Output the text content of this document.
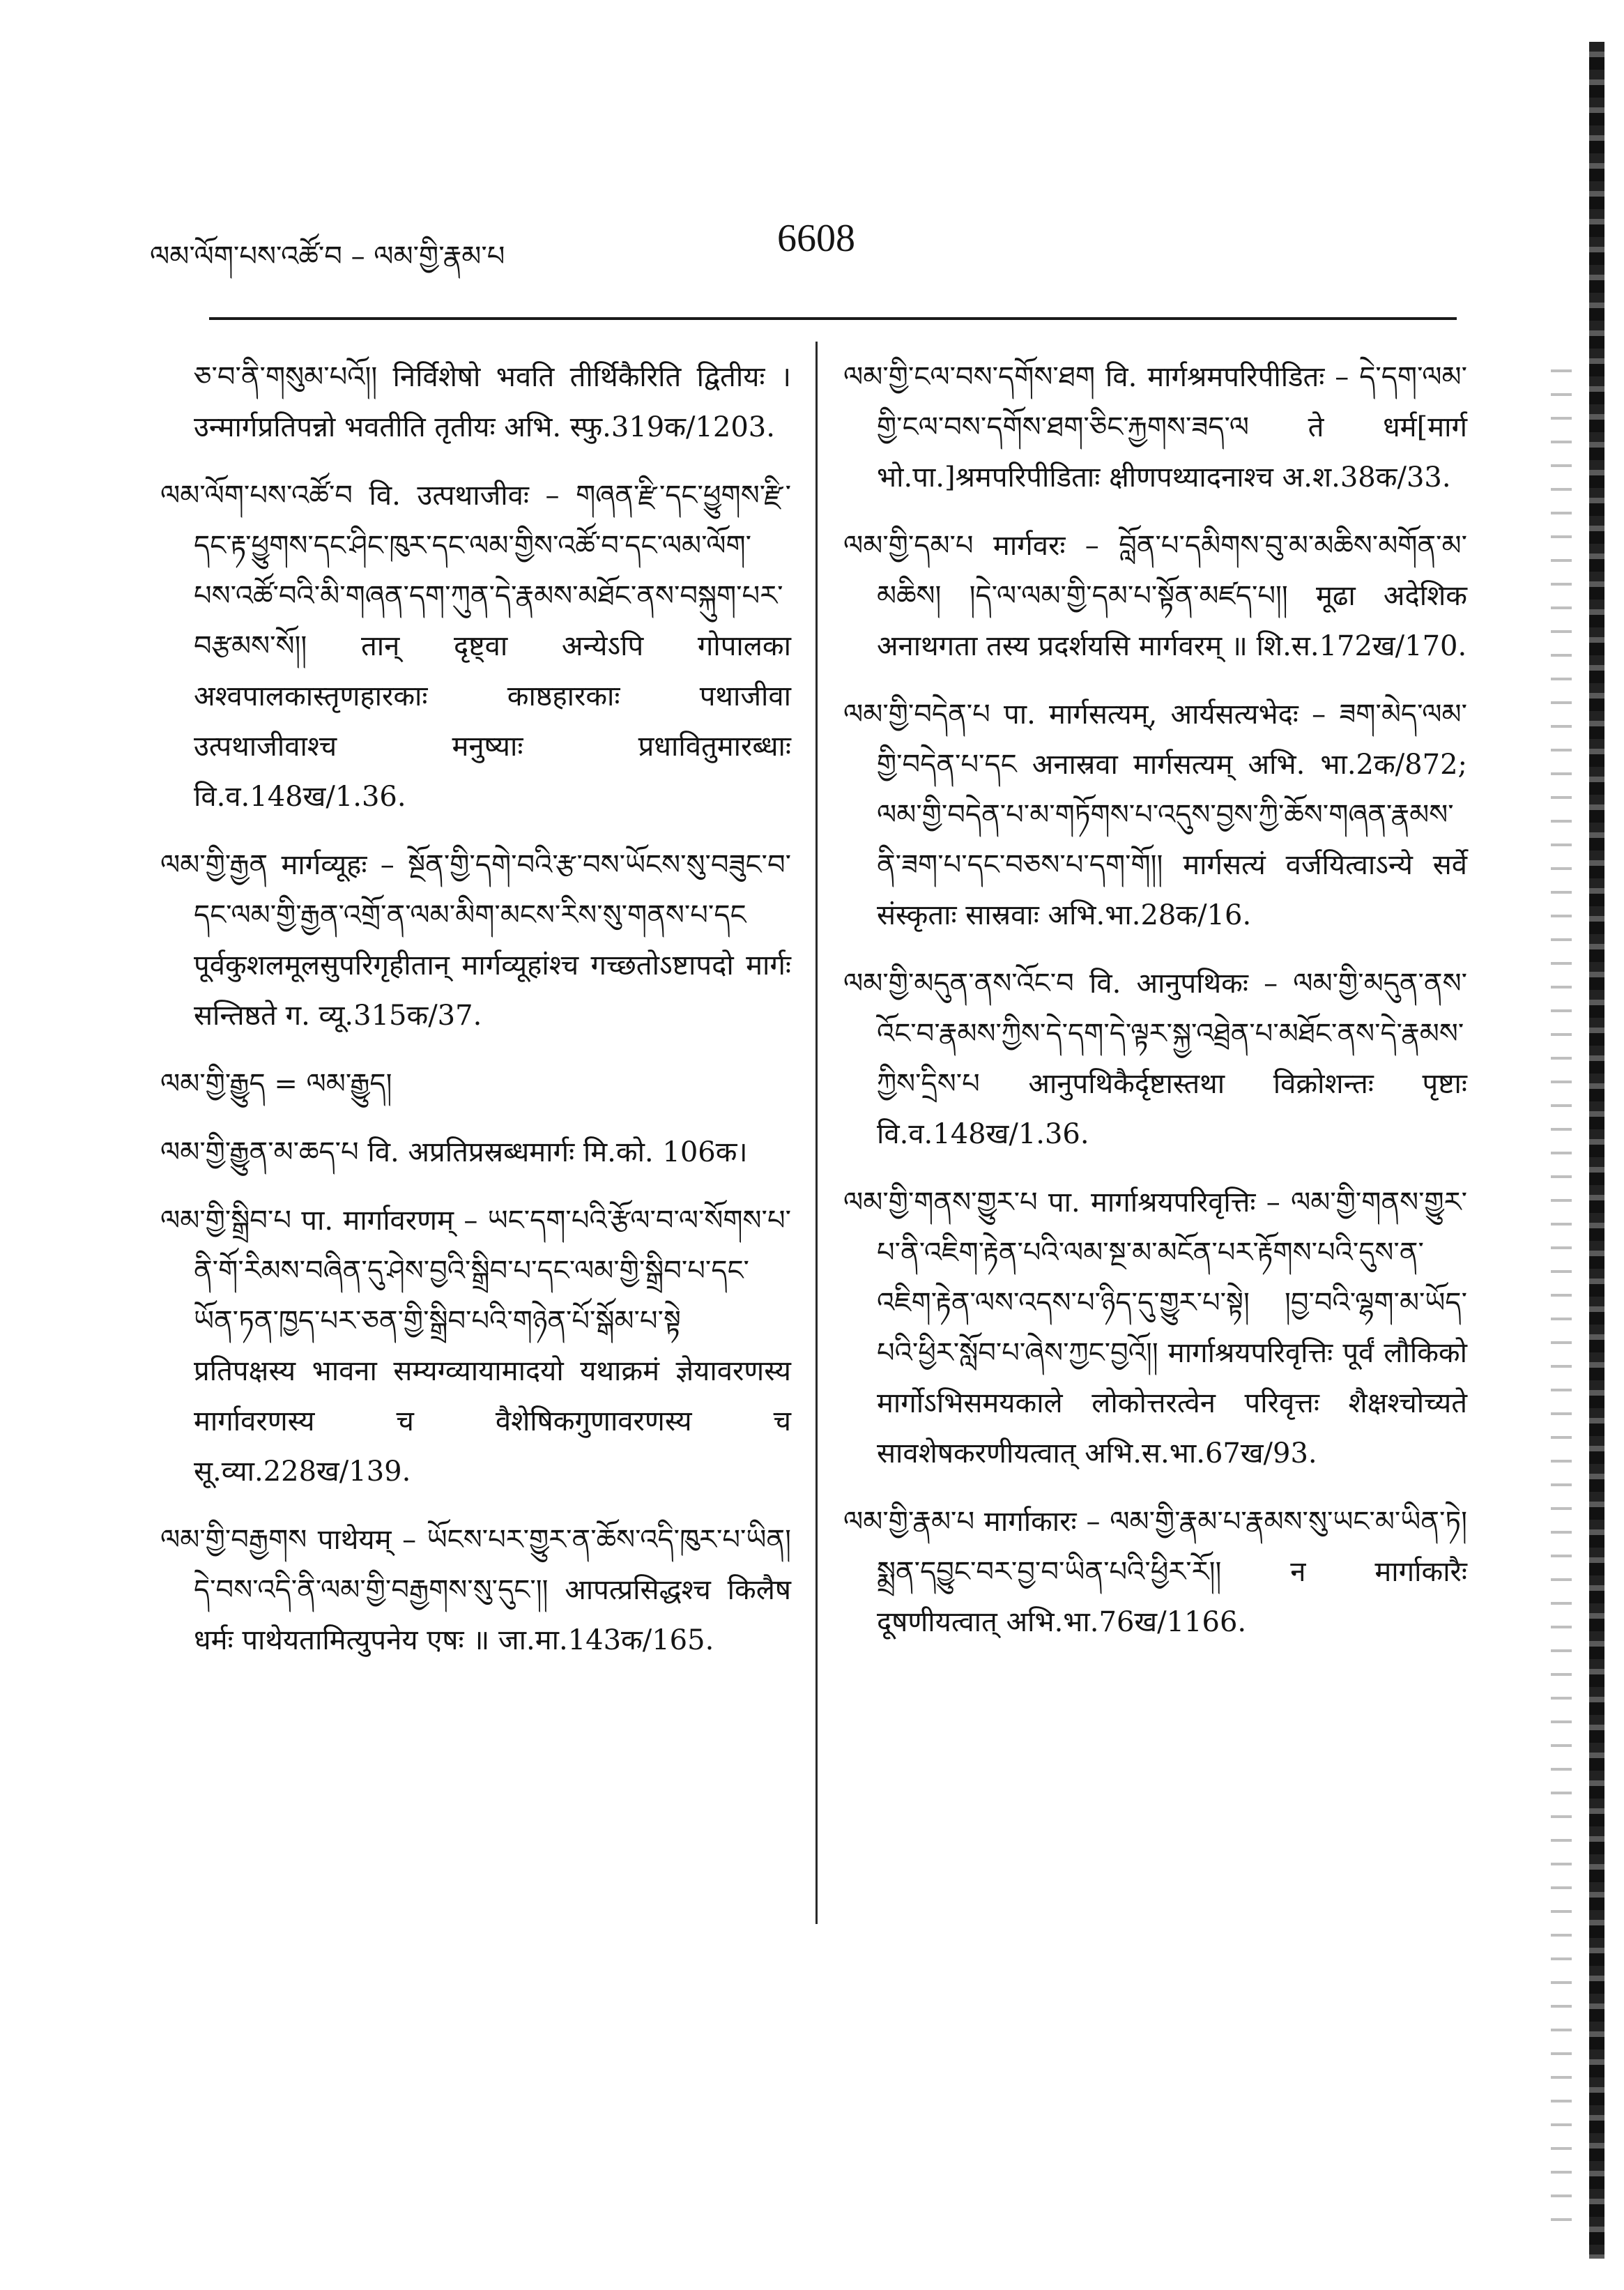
ལམ་ལོག་པས་འཚོ་བ – ལམ་གྱི་རྣམ་པ	6608

ཅ་བ་ནི་གསུམ་པའོ།། निर्विशेषो भवति तीर्थिकैरिति द्वितीयः । उन्मार्गप्रतिपन्नो भवतीति तृतीयः अभि. स्फु.319क/1203.

ལམ་ལོག་པས་འཚོ་བ वि. उत्पथाजीवः – གཞན་རྫི་དང་ཕྱུགས་རྫི་དང་རྟ་ཕྱུགས་དང་ཤིང་ཁུར་དང་ལམ་གྱིས་འཚོ་བ་དང་ལམ་ལོག་པས་འཚོ་བའི་མི་གཞན་དག་ཀུན་དེ་རྣམས་མཐོང་ནས་བསྐུག་པར་བརྩམས་སོ།། तान् दृष्ट्वा अन्येऽपि गोपालका अश्वपालकास्तृणहारकाः काष्ठहारकाः पथाजीवा उत्पथाजीवाश्च मनुष्याः प्रधावितुमारब्धाः वि.व.148ख/1.36.

ལམ་གྱི་རྒྱན मार्गव्यूहः – སྔོན་གྱི་དགེ་བའི་རྩ་བས་ཡོངས་སུ་བཟུང་བ་དང་ལམ་གྱི་རྒྱན་འགྲོ་ན་ལམ་མིག་མངས་རིས་སུ་གནས་པ་དང पूर्वकुशलमूलसुपरिगृहीतान् मार्गव्यूहांश्च गच्छतोऽष्टापदो मार्गः सन्तिष्ठते ग. व्यू.315क/37.

ལམ་གྱི་རྒྱུད = ལམ་རྒྱུད།

ལམ་གྱི་རྒྱུན་མ་ཆད་པ वि. अप्रतिप्रस्रब्धमार्गः मि.को. 106क।

ལམ་གྱི་སྒྲིབ་པ पा. मार्गावरणम् – ཡང་དག་པའི་རྩོལ་བ་ལ་སོགས་པ་ནི་གོ་རིམས་བཞིན་དུ་ཤེས་བྱའི་སྒྲིབ་པ་དང་ལམ་གྱི་སྒྲིབ་པ་དང་ཡོན་ཏན་ཁྱད་པར་ཅན་གྱི་སྒྲིབ་པའི་གཉེན་པོ་སྒོམ་པ་སྟེ प्रतिपक्षस्य भावना सम्यग्व्यायामादयो यथाक्रमं ज्ञेयावरणस्य मार्गावरणस्य च वैशेषिकगुणावरणस्य च सू.व्या.228ख/139.

ལམ་གྱི་བརྒྱགས पाथेयम् – ཡོངས་པར་གྱུར་ན་ཆོས་འདི་ཁུར་པ་ཡིན། དེ་བས་འདི་ནི་ལམ་གྱི་བརྒྱགས་སུ་དུང་།། आपत्प्रसिद्धश्च किलैष धर्मः पाथेयतामित्युपनेय एषः ॥ जा.मा.143क/165.

ལམ་གྱི་ངལ་བས་དགོས་ཐག वि. मार्गश्रमपरिपीडितः – དེ་དག་ལམ་གྱི་ངལ་བས་དགོས་ཐག་ཅིང་རྐྱགས་ཟད་ལ ते धर्म[मार्ग भो.पा.]श्रमपरिपीडिताः क्षीणपथ्यादनाश्च अ.श.38क/33.

ལམ་གྱི་དམ་པ मार्गवरः – བློན་པ་དམིགས་བུ་མ་མཆིས་མགོན་མ་མཆིས། །དེ་ལ་ལམ་གྱི་དམ་པ་སྟོན་མཛད་པ།། मूढा अदेशिक अनाथगता तस्य प्रदर्शयसि मार्गवरम् ॥ शि.स.172ख/170.

ལམ་གྱི་བདེན་པ पा. मार्गसत्यम्, आर्यसत्यभेदः – ཟག་མེད་ལམ་གྱི་བདེན་པ་དང अनास्रवा मार्गसत्यम् अभि. भा.2क/872; ལམ་གྱི་བདེན་པ་མ་གཏོགས་པ་འདུས་བྱས་ཀྱི་ཆོས་གཞན་རྣམས་ནི་ཟག་པ་དང་བཅས་པ་དག་གོ།། मार्गसत्यं वर्जयित्वाऽन्ये सर्वे संस्कृताः सास्रवाः अभि.भा.28क/16.

ལམ་གྱི་མདུན་ནས་འོང་བ वि. आनुपथिकः – ལམ་གྱི་མདུན་ནས་འོང་བ་རྣམས་ཀྱིས་དེ་དག་དེ་ལྟར་སྐྱ་འཐྲེན་པ་མཐོང་ནས་དེ་རྣམས་ཀྱིས་དྲིས་པ आनुपथिकैर्दृष्टास्तथा विक्रोशन्तः पृष्टाः वि.व.148ख/1.36.

ལམ་གྱི་གནས་གྱུར་པ पा. मार्गाश्रयपरिवृत्तिः – ལམ་གྱི་གནས་གྱུར་པ་ནི་འཇིག་རྟེན་པའི་ལམ་སྔ་མ་མངོན་པར་རྟོགས་པའི་དུས་ན་འཇིག་རྟེན་ལས་འདས་པ་ཉིད་དུ་གྱུར་པ་སྟེ། །བྱ་བའི་ལྷག་མ་ཡོད་པའི་ཕྱིར་སློབ་པ་ཞེས་ཀྱང་བྱའོ།། मार्गाश्रयपरिवृत्तिः पूर्वं लौकिको मार्गोऽभिसमयकाले लोकोत्तरत्वेन परिवृत्तः शैक्षश्चोच्यते सावशेषकरणीयत्वात् अभि.स.भा.67ख/93.

ལམ་གྱི་རྣམ་པ मार्गाकारः – ལམ་གྱི་རྣམ་པ་རྣམས་སུ་ཡང་མ་ཡིན་ཏེ། སྨྲན་དབྱུང་བར་བྱ་བ་ཡིན་པའི་ཕྱིར་རོ།། न मार्गाकारैः दूषणीयत्वात् अभि.भा.76ख/1166.
